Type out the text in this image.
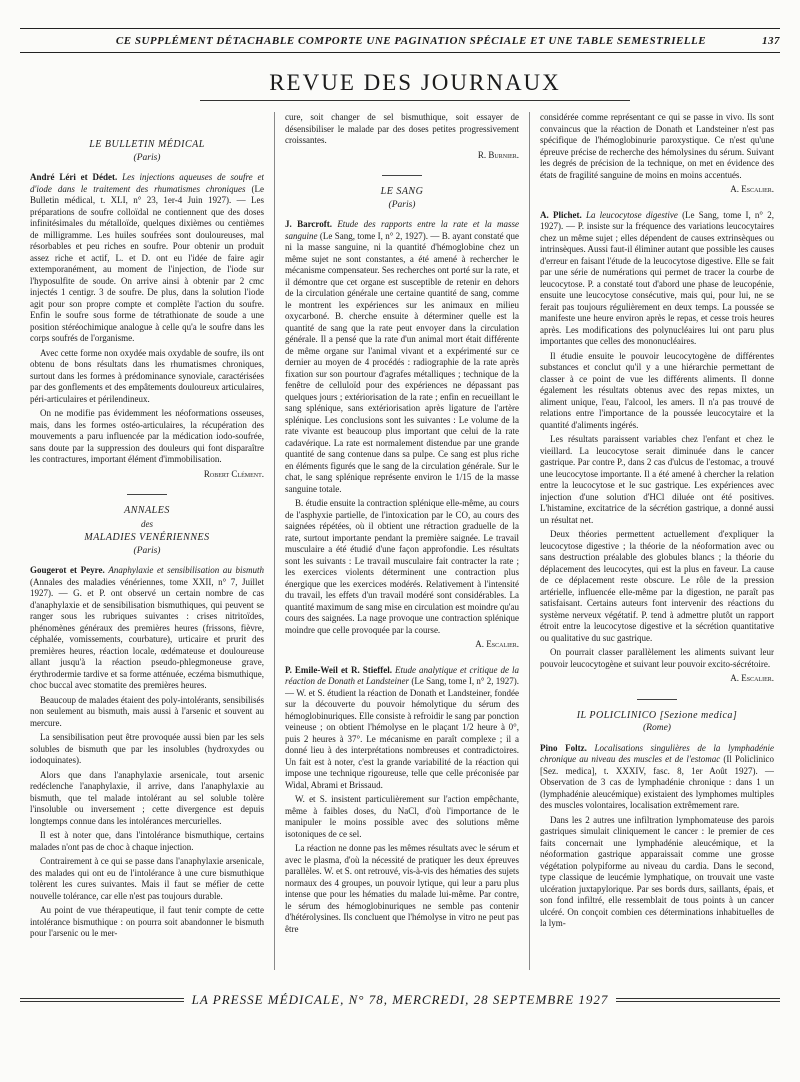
CE SUPPLÉMENT DÉTACHABLE COMPORTE UNE PAGINATION SPÉCIALE ET UNE TABLE SEMESTRIELLE	137
REVUE DES JOURNAUX
LE BULLETIN MÉDICAL
(Paris)

André Léri et Dédet. Les injections aqueuses de soufre et d'iode dans le traitement des rhumatismes chroniques (Le Bulletin médical, t. XLI, n° 23, 1er-4 Juin 1927). — Les préparations de soufre colloïdal ne contiennent que des doses infinitésimales du métalloïde, quelques dixièmes ou centièmes de milligramme. Les huiles soufrées sont douloureuses, mal résorbables et peu riches en soufre. Pour obtenir un produit assez riche et actif, L. et D. ont eu l'idée de faire agir extemporanément, au moment de l'injection, de l'iode sur l'hyposulfite de soude. On arrive ainsi à obtenir par 2 cmc injectés 1 centigr. 3 de soufre. De plus, dans la solution l'iode agit pour son propre compte et complète l'action du soufre. Enfin le soufre sous forme de tétrathionate de soude a une position stéréochimique analogue à celle qu'a le soufre dans les corps soufrés de l'organisme.

Avec cette forme non oxydée mais oxydable de soufre, ils ont obtenu de bons résultats dans les rhumatismes chroniques, surtout dans les formes à prédominance synoviale, caractérisées par des gonflements et des empâtements douloureux articulaires, péri-articulaires et périlendineux.

On ne modifie pas évidemment les néoformations osseuses, mais, dans les formes ostéo-articulaires, la récupération des mouvements a paru influencée par la médication iodo-soufrée, sans doute par la suppression des douleurs qui font disparaître les contractures, important élément d'immobilisation.

Robert Clément.

ANNALES
des
MALADIES VENÉRIENNES
(Paris)

Gougerot et Peyre. Anaphylaxie et sensibilisation au bismuth (Annales des maladies vénériennes, tome XXII, n° 7, Juillet 1927). — G. et P. ont observé un certain nombre de cas d'anaphylaxie et de sensibilisation bismuthiques, qui peuvent se ranger sous les rubriques suivantes : crises nitritoïdes, phénomènes généraux des premières heures (frissons, fièvre, céphalée, vomissements, courbature), urticaire et prurit des premières heures, réaction locale, œdémateuse et douloureuse allant jusqu'à la réaction pseudo-phlegmoneuse grave, érythrodermie tardive et sa forme atténuée, eczéma bismuthique, choc buccal avec stomatite des premières heures.

Beaucoup de malades étaient des poly-intolérants, sensibilisés non seulement au bismuth, mais aussi à l'arsenic et souvent au mercure.

La sensibilisation peut être provoquée aussi bien par les sels solubles de bismuth que par les insolubles (hydroxydes ou iodoquinates).

Alors que dans l'anaphylaxie arsenicale, tout arsenic redéclenche l'anaphylaxie, il arrive, dans l'anaphylaxie au bismuth, que tel malade intolérant au sel soluble tolère l'insoluble ou inversement ; cette divergence est depuis longtemps connue dans les intolérances mercurielles.

Il est à noter que, dans l'intolérance bismuthique, certains malades n'ont pas de choc à chaque injection.

Contrairement à ce qui se passe dans l'anaphylaxie arsenicale, des malades qui ont eu de l'intolérance à une cure bismuthique tolèrent les cures suivantes. Mais il faut se méfier de cette nouvelle tolérance, car elle n'est pas toujours durable.

Au point de vue thérapeutique, il faut tenir compte de cette intolérance bismuthique : on pourra soit abandonner le bismuth pour l'arsenic ou le mer-

cure, soit changer de sel bismuthique, soit essayer de désensibiliser le malade par des doses petites progressivement croissantes.

R. Burnier.

LE SANG
(Paris)

J. Barcroft. Etude des rapports entre la rate et la masse sanguine (Le Sang, tome I, n° 2, 1927). — B. ayant constaté que ni la masse sanguine, ni la quantité d'hémoglobine chez un même sujet ne sont constantes, a été amené à rechercher le mécanisme compensateur. Ses recherches ont porté sur la rate, et il démontre que cet organe est susceptible de retenir en dehors de la circulation générale une certaine quantité de sang, comme le montrent les expériences sur les animaux en milieu oxycarboné. B. cherche ensuite à déterminer quelle est la quantité de sang que la rate peut envoyer dans la circulation générale. Il a pensé que la rate d'un animal mort était différente de même organe sur l'animal vivant et a expérimenté sur ce dernier au moyen de 4 procédés : radiographie de la rate après fixation sur son pourtour d'agrafes métalliques ; technique de la fenêtre de celluloïd pour des expériences ne dépassant pas quelques jours ; extériorisation de la rate ; enfin en recueillant le sang splénique, sans extériorisation après ligature de l'artère splénique. Les conclusions sont les suivantes : Le volume de la rate vivante est beaucoup plus important que celui de la rate cadavérique. La rate est normalement distendue par une grande quantité de sang contenue dans sa pulpe. Ce sang est plus riche en éléments figurés que le sang de la circulation générale. Sur le chat, le sang splénique représente environ le 1/15 de la masse sanguine totale.

B. étudie ensuite la contraction splénique elle-même, au cours de l'asphyxie partielle, de l'intoxication par le CO, au cours des saignées répétées, où il obtient une rétraction graduelle de la rate, surtout importante pendant la première saignée. Le travail musculaire a été étudié d'une façon approfondie. Les résultats sont les suivants : Le travail musculaire fait contracter la rate ; les exercices violents déterminent une contraction plus énergique que les exercices modérés. Relativement à l'intensité du travail, les effets d'un travail modéré sont considérables. La quantité maximum de sang mise en circulation est moindre qu'au cours des saignées. La nage provoque une contraction splénique moindre que celle provoquée par la course.

A. Escalier.

P. Emile-Weil et R. Stieffel. Etude analytique et critique de la réaction de Donath et Landsteiner (Le Sang, tome I, n° 2, 1927). — W. et S. étudient la réaction de Donath et Landsteiner, fondée sur la découverte du pouvoir hémolytique du sérum des hémoglobinuriques. Elle consiste à refroidir le sang par ponction veineuse ; on obtient l'hémolyse en le plaçant 1/2 heure à 0°, puis 2 heures à 37°. Le mécanisme en paraît complexe ; il a donné lieu à des interprétations nombreuses et contradictoires. Un fait est à noter, c'est la grande variabilité de la réaction qui impose une technique rigoureuse, telle que celle préconisée par Widal, Abrami et Brissaud.

W. et S. insistent particulièrement sur l'action empêchante, même à faibles doses, du NaCl, d'où l'importance de le manipuler le moins possible avec des solutions même isotoniques de ce sel.

La réaction ne donne pas les mêmes résultats avec le sérum et avec le plasma, d'où la nécessité de pratiquer les deux épreuves parallèles. W. et S. ont retrouvé, vis-à-vis des hématies des sujets normaux des 4 groupes, un pouvoir lytique, qui leur a paru plus intense que pour les hématies du malade lui-même. Par contre, le sérum des hémoglobinuriques ne semble pas contenir d'hétérolysines. Ils concluent que l'hémolyse in vitro ne peut pas être

considérée comme représentant ce qui se passe in vivo. Ils sont convaincus que la réaction de Donath et Landsteiner n'est pas spécifique de l'hémoglobinurie paroxystique. Ce n'est qu'une épreuve précise de recherche des hémolysines du sérum. Suivant les degrés de précision de la technique, on met en évidence des états de fragilité sanguine de moins en moins accentués.

A. Escalier.

A. Plichet. La leucocytose digestive (Le Sang, tome I, n° 2, 1927). — P. insiste sur la fréquence des variations leucocytaires chez un même sujet ; elles dépendent de causes extrinsèques ou intrinsèques. Aussi faut-il éliminer autant que possible les causes d'erreur en faisant l'étude de la leucocytose digestive. Elle se fait par une série de numérations qui permet de tracer la courbe de leucocytose. P. a constaté tout d'abord une phase de leucopénie, ensuite une leucocytose consécutive, mais qui, pour lui, ne se ferait pas toujours régulièrement en deux temps. La poussée se manifeste une heure environ après le repas, et cesse trois heures après. Les modifications des polynucléaires lui ont paru plus importantes que celles des mononucléaires.

Il étudie ensuite le pouvoir leucocytogène de différentes substances et conclut qu'il y a une hiérarchie permettant de classer à ce point de vue les différents aliments. Il donne également les résultats obtenus avec des repas mixtes, un aliment unique, l'eau, l'alcool, les amers. Il n'a pas trouvé de relations entre l'importance de la poussée leucocytaire et la quantité d'aliments ingérés.

Les résultats paraissent variables chez l'enfant et chez le vieillard. La leucocytose serait diminuée dans le cancer gastrique. Par contre P., dans 2 cas d'ulcus de l'estomac, a trouvé une leucocytose importante. Il a été amené à chercher la relation entre la leucocytose et le suc gastrique. Les expériences avec injection d'une solution d'HCl diluée ont été positives. L'histamine, excitatrice de la sécrétion gastrique, a donné aussi un résultat net.

Deux théories permettent actuellement d'expliquer la leucocytose digestive ; la théorie de la néoformation avec ou sans destruction préalable des globules blancs ; la théorie du déplacement des leucocytes, qui est la plus en faveur. La cause de ce déplacement reste obscure. Le rôle de la pression artérielle, influencée elle-même par la digestion, ne paraît pas satisfaisant. Certains auteurs font intervenir des réactions du système nerveux végétatif. P. tend à admettre plutôt un rapport étroit entre la leucocytose digestive et la sécrétion quantitative ou qualitative du suc gastrique.

On pourrait classer parallèlement les aliments suivant leur pouvoir leucocytogène et suivant leur pouvoir excito-sécrétoire.

A. Escalier.

IL POLICLINICO [Sezione medica]
(Rome)

Pino Foltz. Localisations singulières de la lymphadénie chronique au niveau des muscles et de l'estomac (Il Policlinico [Sez. medica], t. XXXIV, fasc. 8, 1er Août 1927). — Observation de 3 cas de lymphadénie chronique : dans 1 un (lymphadénie aleucémique) existaient des lymphomes multiples des muscles volontaires, localisation extrêmement rare.

Dans les 2 autres une infiltration lymphomateuse des parois gastriques simulait cliniquement le cancer : le premier de ces faits concernait une lymphadénie aleucémique, et la néoformation gastrique apparaissait comme une grosse végétation polypiforme au niveau du cardia. Dans le second, type classique de leucémie lymphatique, on trouvait une vaste ulcération juxtapylorique. Par ses bords durs, saillants, épais, et son fond infiltré, elle ressemblait de tous points à un cancer ulcéré. On conçoit combien ces déterminations inhabituelles de la lym-

LA PRESSE MÉDICALE, N° 78, MERCREDI, 28 SEPTEMBRE 1927
